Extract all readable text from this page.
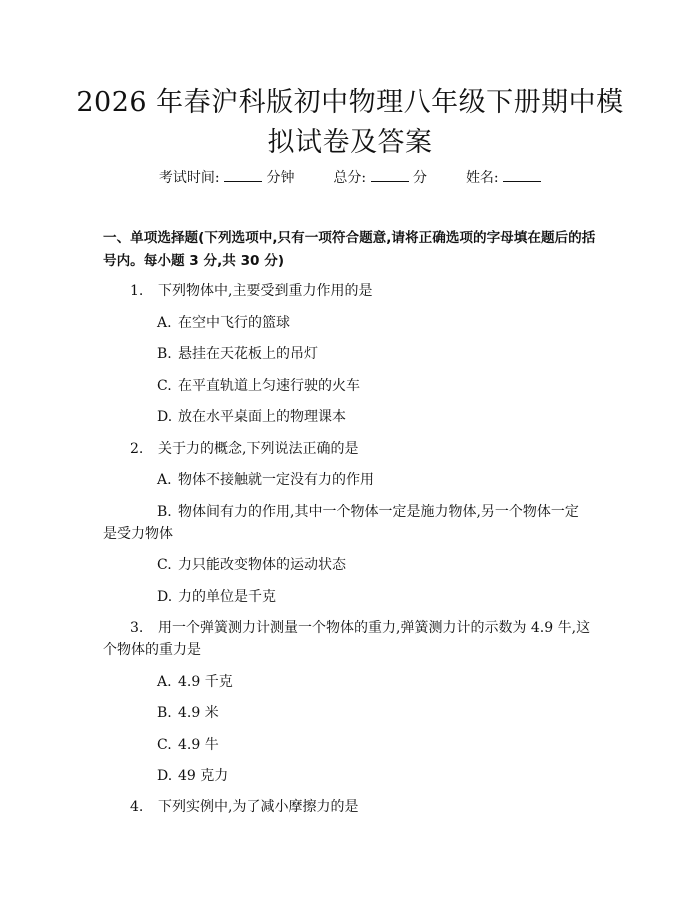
2026 年春沪科版初中物理八年级下册期中模
拟试卷及答案
考试时间:	分钟	总分:	分	姓名:
一、单项选择题(下列选项中,只有一项符合题意,请将正确选项的字母填在题后的括号内。每小题 3 分,共 30 分)
1. 下列物体中,主要受到重力作用的是
A. 在空中飞行的篮球
B. 悬挂在天花板上的吊灯
C. 在平直轨道上匀速行驶的火车
D. 放在水平桌面上的物理课本
2. 关于力的概念,下列说法正确的是
A. 物体不接触就一定没有力的作用
B. 物体间有力的作用,其中一个物体一定是施力物体,另一个物体一定
是受力物体
C. 力只能改变物体的运动状态
D. 力的单位是千克
3. 用一个弹簧测力计测量一个物体的重力,弹簧测力计的示数为 4.9 牛,这
个物体的重力是
A. 4.9 千克
B. 4.9 米
C. 4.9 牛
D. 49 克力
4. 下列实例中,为了减小摩擦力的是
